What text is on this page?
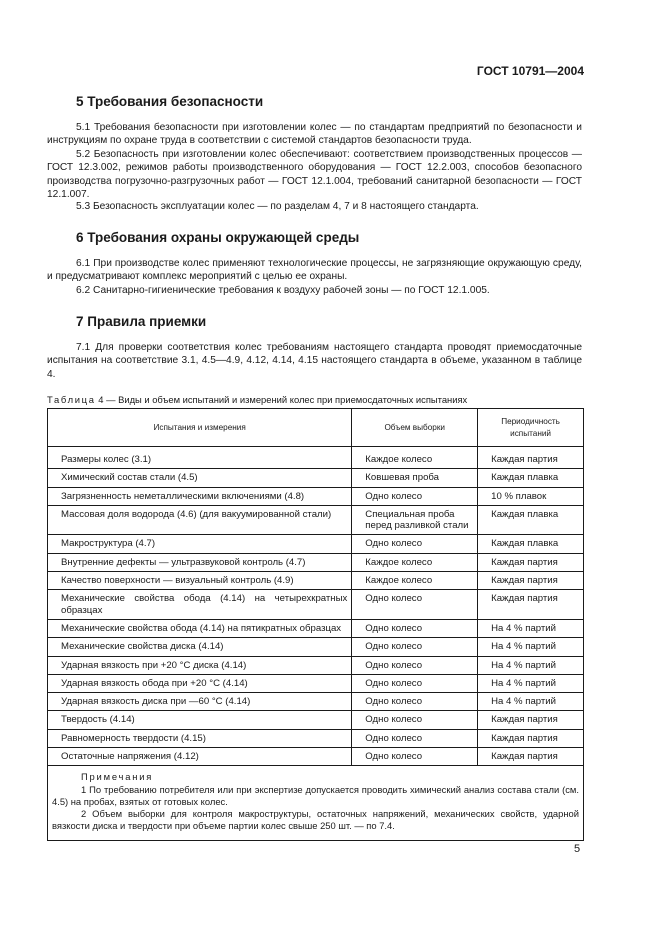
ГОСТ 10791—2004
5 Требования безопасности

5.1 Требования безопасности при изготовлении колес — по стандартам предприятий по безопасности и инструкциям по охране труда в соответствии с системой стандартов безопасности труда.

5.2 Безопасность при изготовлении колес обеспечивают: соответствием производственных процессов — ГОСТ 12.3.002, режимов работы производственного оборудования — ГОСТ 12.2.003, способов безопасного производства погрузочно-разгрузочных работ — ГОСТ 12.1.004, требований санитарной безопасности — ГОСТ 12.1.007.

5.3 Безопасность эксплуатации колес — по разделам 4, 7 и 8 настоящего стандарта.

6 Требования охраны окружающей среды

6.1 При производстве колес применяют технологические процессы, не загрязняющие окружающую среду, и предусматривают комплекс мероприятий с целью ее охраны.

6.2 Санитарно-гигиенические требования к воздуху рабочей зоны — по ГОСТ 12.1.005.

7 Правила приемки

7.1 Для проверки соответствия колес требованиям настоящего стандарта проводят приемосдаточные испытания на соответствие 3.1, 4.5—4.9, 4.12, 4.14, 4.15 настоящего стандарта в объеме, указанном в таблице 4.

Таблица 4 — Виды и объем испытаний и измерений колес при приемосдаточных испытаниях
Испытания и измерения	Объем выборки	Периодичность испытаний

Размеры колес (3.1)	Каждое колесо	Каждая партия
Химический состав стали (4.5)	Ковшевая проба	Каждая плавка
Загрязненность неметаллическими включениями (4.8)	Одно колесо	10 % плавок
Массовая доля водорода (4.6) (для вакуумированной стали)	Специальная проба перед разливкой стали	Каждая плавка
Макроструктура (4.7)	Одно колесо	Каждая плавка
Внутренние дефекты — ультразвуковой контроль (4.7)	Каждое колесо	Каждая партия
Качество поверхности — визуальный контроль (4.9)	Каждое колесо	Каждая партия
Механические свойства обода (4.14) на четырехкратных образцах	Одно колесо	Каждая партия
Механические свойства обода (4.14) на пятикратных образцах	Одно колесо	На 4 % партий
Механические свойства диска (4.14)	Одно колесо	На 4 % партий
Ударная вязкость при +20 °С диска (4.14)	Одно колесо	На 4 % партий
Ударная вязкость обода при +20 °С (4.14)	Одно колесо	На 4 % партий
Ударная вязкость диска при —60 °С (4.14)	Одно колесо	На 4 % партий
Твердость (4.14)	Одно колесо	Каждая партия
Равномерность твердости (4.15)	Одно колесо	Каждая партия
Остаточные напряжения (4.12)	Одно колесо	Каждая партия

Примечания
1 По требованию потребителя или при экспертизе допускается проводить химический анализ состава стали (см. 4.5) на пробах, взятых от готовых колес.
2 Объем выборки для контроля макроструктуры, остаточных напряжений, механических свойств, ударной вязкости диска и твердости при объеме партии колес свыше 250 шт. — по 7.4.		
5
